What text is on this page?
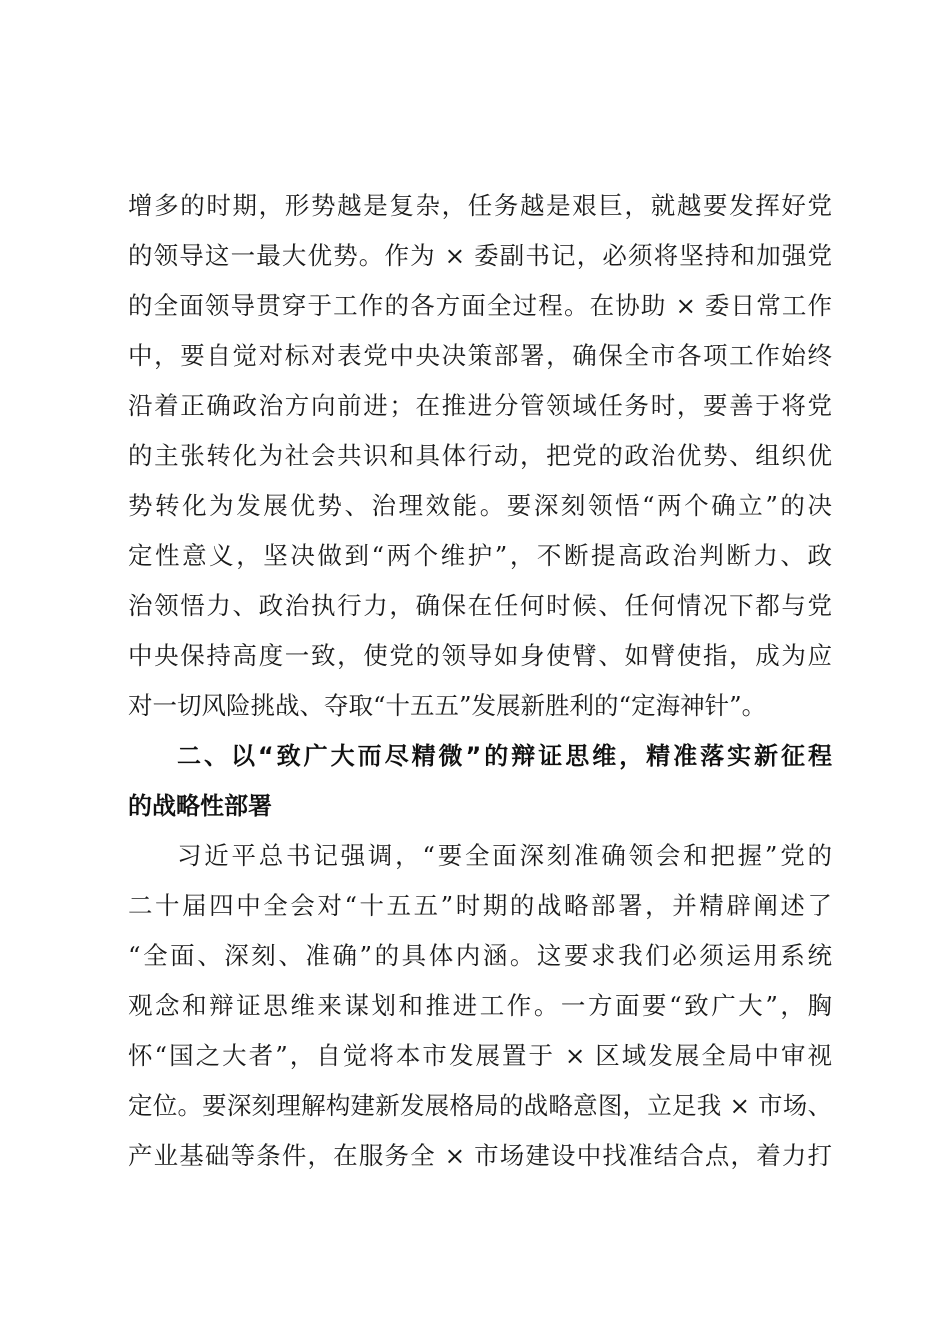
增多的时期，形势越是复杂，任务越是艰巨，就越要发挥好党
的领导这一最大优势。作为 × 委副书记，必须将坚持和加强党
的全面领导贯穿于工作的各方面全过程。在协助 × 委日常工作
中，要自觉对标对表党中央决策部署，确保全市各项工作始终
沿着正确政治方向前进；在推进分管领域任务时，要善于将党
的主张转化为社会共识和具体行动，把党的政治优势、组织优
势转化为发展优势、治理效能。要深刻领悟“两个确立”的决
定性意义，坚决做到“两个维护”，不断提高政治判断力、政
治领悟力、政治执行力，确保在任何时候、任何情况下都与党
中央保持高度一致，使党的领导如身使臂、如臂使指，成为应
对一切风险挑战、夺取“十五五”发展新胜利的“定海神针”。
二、以“致广大而尽精微”的辩证思维，精准落实新征程
的战略性部署
习近平总书记强调，“要全面深刻准确领会和把握”党的
二十届四中全会对“十五五”时期的战略部署，并精辟阐述了
“全面、深刻、准确”的具体内涵。这要求我们必须运用系统
观念和辩证思维来谋划和推进工作。一方面要“致广大”，胸
怀“国之大者”，自觉将本市发展置于 × 区域发展全局中审视
定位。要深刻理解构建新发展格局的战略意图，立足我 × 市场、
产业基础等条件，在服务全 × 市场建设中找准结合点，着力打
